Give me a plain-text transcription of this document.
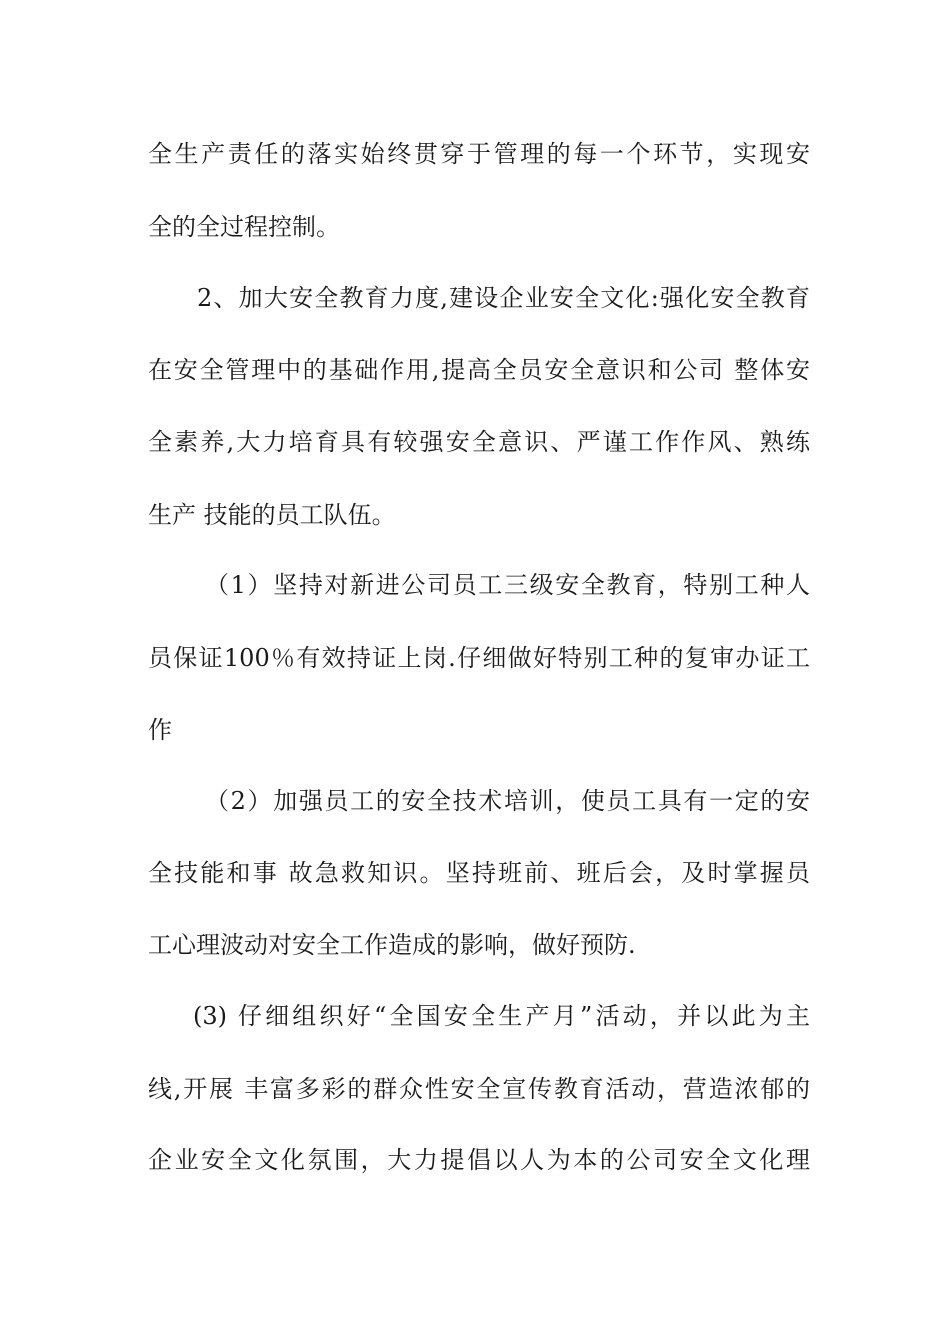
全生产责任的落实始终贯穿于管理的每一个环节，实现安
全的全过程控制。
2、加大安全教育力度,建设企业安全文化:强化安全教育
在安全管理中的基础作用,提高全员安全意识和公司 整体安
全素养,大力培育具有较强安全意识、严谨工作作风、熟练
生产 技能的员工队伍。
（1）坚持对新进公司员工三级安全教育，特别工种人
员保证100％有效持证上岗.仔细做好特别工种的复审办证工
作
（2）加强员工的安全技术培训，使员工具有一定的安
全技能和事 故急救知识。坚持班前、班后会，及时掌握员
工心理波动对安全工作造成的影响，做好预防.
(3) 仔细组织好“全国安全生产月”活动，并以此为主
线,开展 丰富多彩的群众性安全宣传教育活动，营造浓郁的
企业安全文化氛围，大力提倡以人为本的公司安全文化理
